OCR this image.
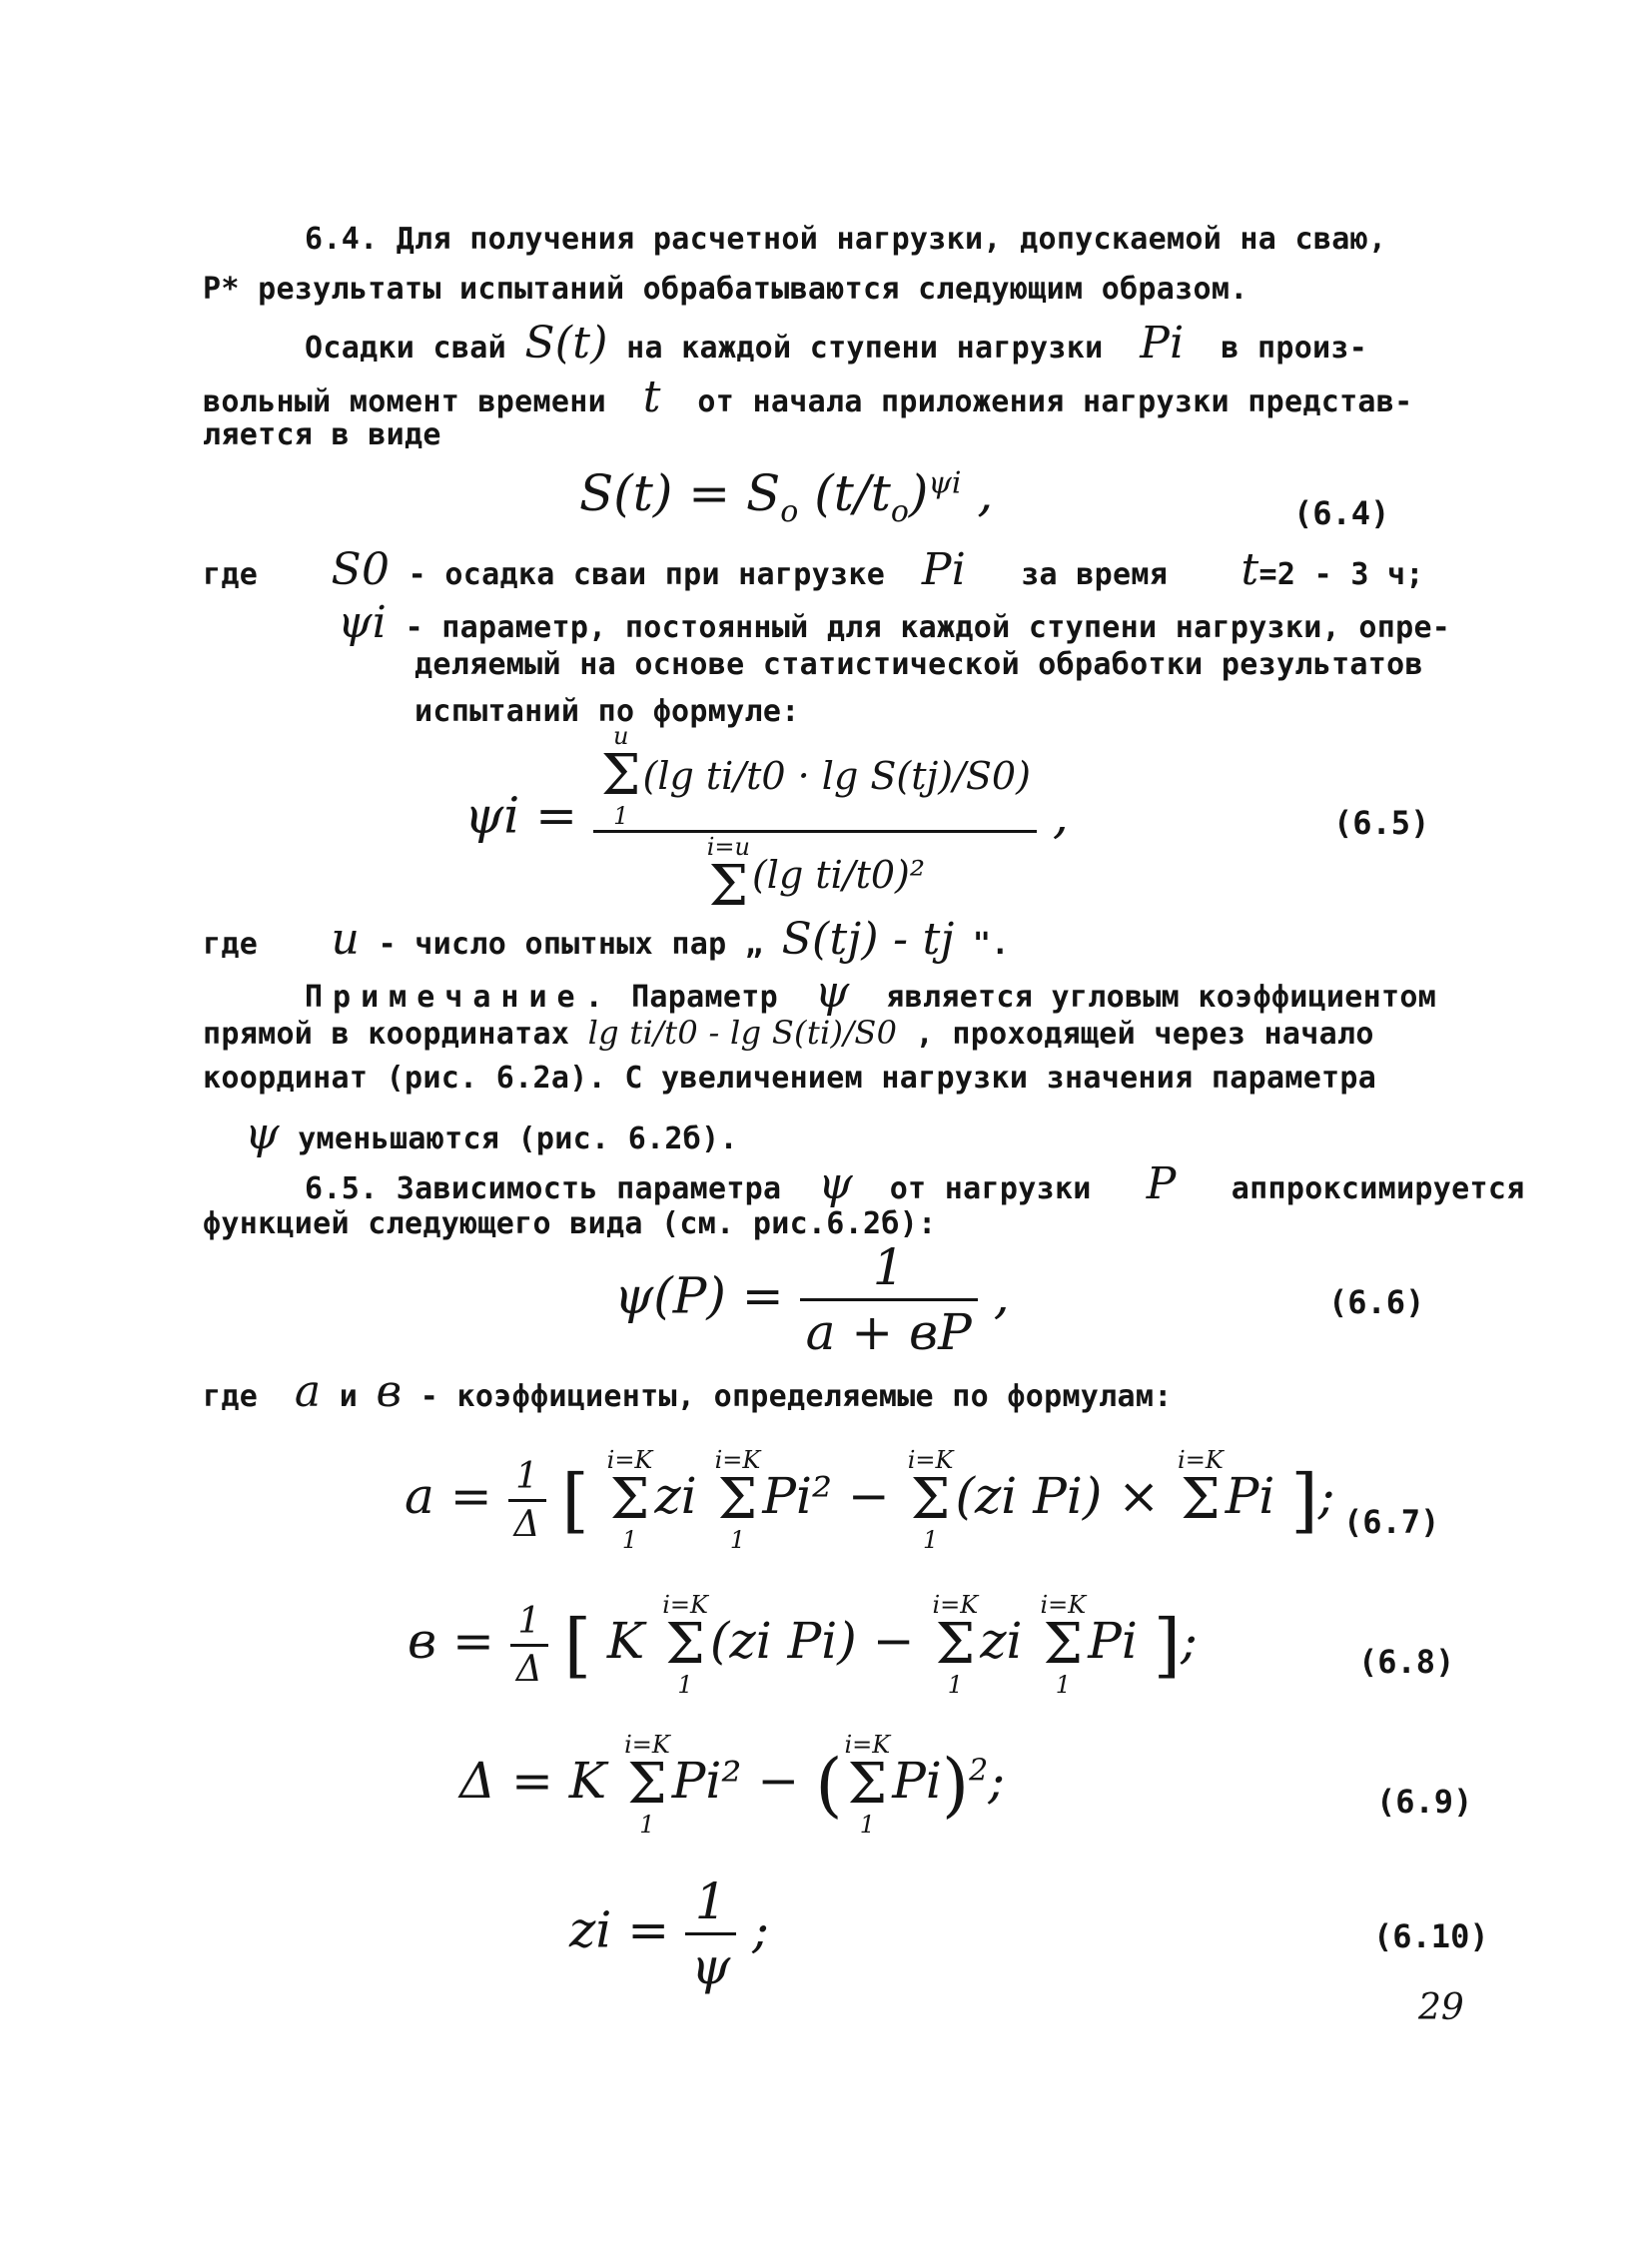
6.4. Для получения расчетной нагрузки, допускаемой на сваю,
Р* результаты испытаний обрабатываются следующим образом.
Осадки свай S(t) на каждой ступени нагрузки Pi в произ-
вольный момент времени t от начала приложения нагрузки представ-
ляется в виде
$S(t) = S_o$ $(t/t_o)^{\psi i}$ ,	(6.4)
где S0 - осадка сваи при нагрузке Pi за время t=2 - 3 ч;
ψi - параметр, постоянный для каждой ступени нагрузки, опре-
деляемый на основе статистической обработки результатов
испытаний по формуле:
ψi = u
Σ
1
(lg ti/t0 · lg S(tj)/S0)
i=u
Σ (lg ti/t0)² ,	(6.5)
где u - число опытных пар „ S(tj) - tj ".
Примечание. Параметр ψ является угловым коэффициентом
прямой в координатах lg ti/t0 - lg S(ti)/S0 , проходящей через начало
координат (рис. 6.2а). С увеличением нагрузки значения параметра
ψ уменьшаются (рис. 6.2б).
6.5. Зависимость параметра ψ от нагрузки P аппроксимируется
функцией следующего вида (см. рис.6.2б):
$\psi(P) = \frac{1}{a + вP}$ ,	(6.6)
где a и в - коэффициенты, определяемые по формулам:
$a = \frac{1}{\Delta}$ [ i=K
Σ
1
zi
i=K
Σ
1
Pi² −
i=K
Σ
1
(zi Pi) ×
i=K
Σ
Pi ]; (6.7)
$в = \frac{1}{\Delta}$ [ K
i=K
Σ
1
(zi Pi) −
i=K
Σ
1
zi
i=K
Σ
1
Pi ];	(6.8)
Δ = K
i=K
Σ
1
Pi² − ( i=K
Σ
1
Pi)$^2$;	(6.9)
zi = $\frac{1}{\psi}$ ;	(6.10)
29
